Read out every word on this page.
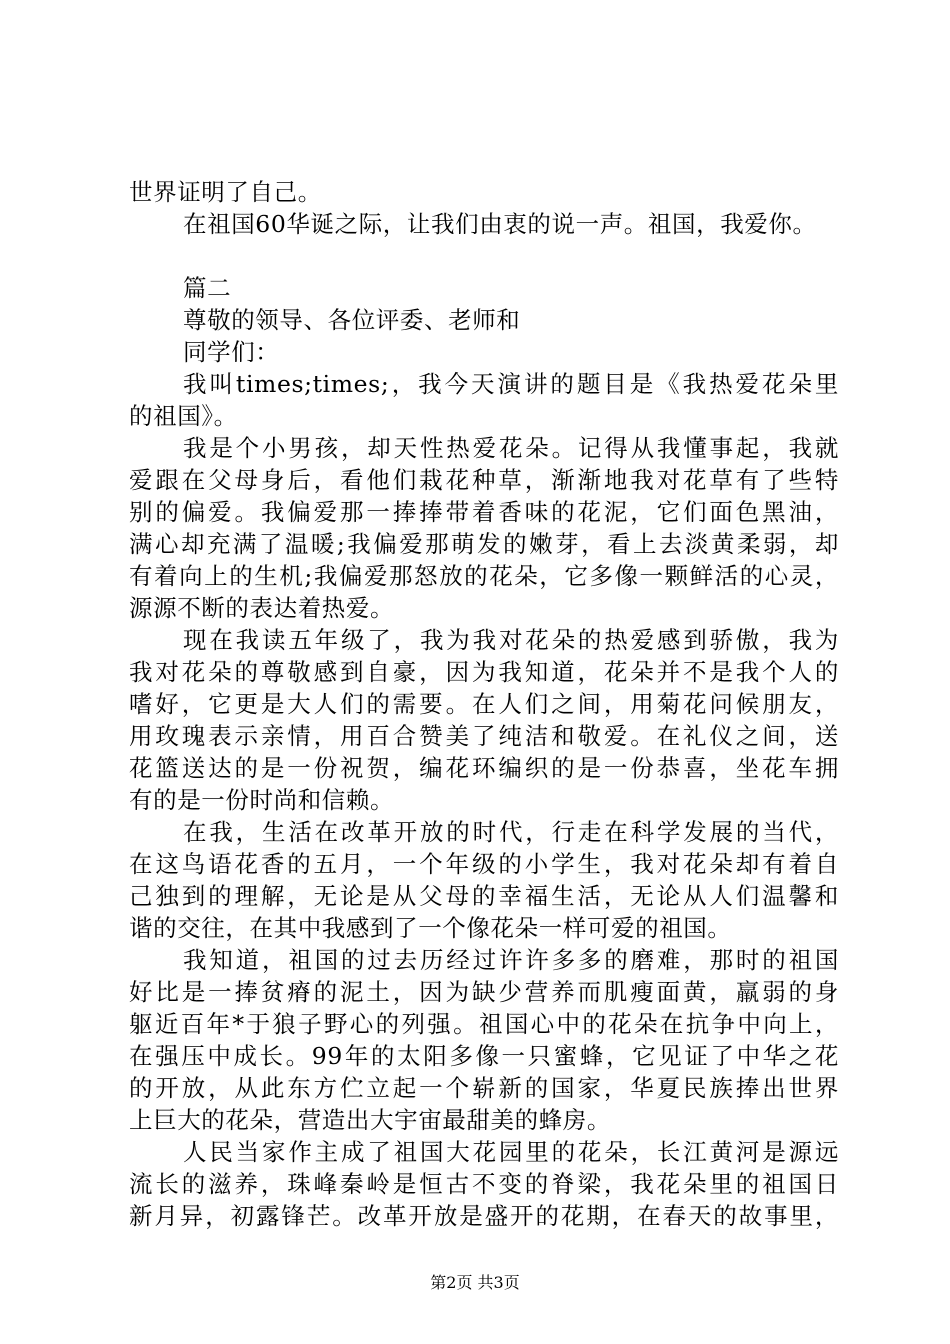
世界证明了自己。
在祖国60华诞之际，让我们由衷的说一声。祖国，我爱你。
篇二
尊敬的领导、各位评委、老师和
同学们：
我叫times;times;，我今天演讲的题目是《我热爱花朵里
的祖国》。
我是个小男孩，却天性热爱花朵。记得从我懂事起，我就
爱跟在父母身后，看他们栽花种草，渐渐地我对花草有了些特
别的偏爱。我偏爱那一捧捧带着香味的花泥，它们面色黑油，
满心却充满了温暖;我偏爱那萌发的嫩芽，看上去淡黄柔弱，却
有着向上的生机;我偏爱那怒放的花朵，它多像一颗鲜活的心灵，
源源不断的表达着热爱。
现在我读五年级了，我为我对花朵的热爱感到骄傲，我为
我对花朵的尊敬感到自豪，因为我知道，花朵并不是我个人的
嗜好，它更是大人们的需要。在人们之间，用菊花问候朋友，
用玫瑰表示亲情，用百合赞美了纯洁和敬爱。在礼仪之间，送
花篮送达的是一份祝贺，编花环编织的是一份恭喜，坐花车拥
有的是一份时尚和信赖。
在我，生活在改革开放的时代，行走在科学发展的当代，
在这鸟语花香的五月，一个年级的小学生，我对花朵却有着自
己独到的理解，无论是从父母的幸福生活，无论从人们温馨和
谐的交往，在其中我感到了一个像花朵一样可爱的祖国。
我知道，祖国的过去历经过许许多多的磨难，那时的祖国
好比是一捧贫瘠的泥土，因为缺少营养而肌瘦面黄，羸弱的身
躯近百年*于狼子野心的列强。祖国心中的花朵在抗争中向上，
在强压中成长。99年的太阳多像一只蜜蜂，它见证了中华之花
的开放，从此东方伫立起一个崭新的国家，华夏民族捧出世界
上巨大的花朵，营造出大宇宙最甜美的蜂房。
人民当家作主成了祖国大花园里的花朵，长江黄河是源远
流长的滋养，珠峰秦岭是恒古不变的脊梁，我花朵里的祖国日
新月异，初露锋芒。改革开放是盛开的花期，在春天的故事里，
第2页 共3页
